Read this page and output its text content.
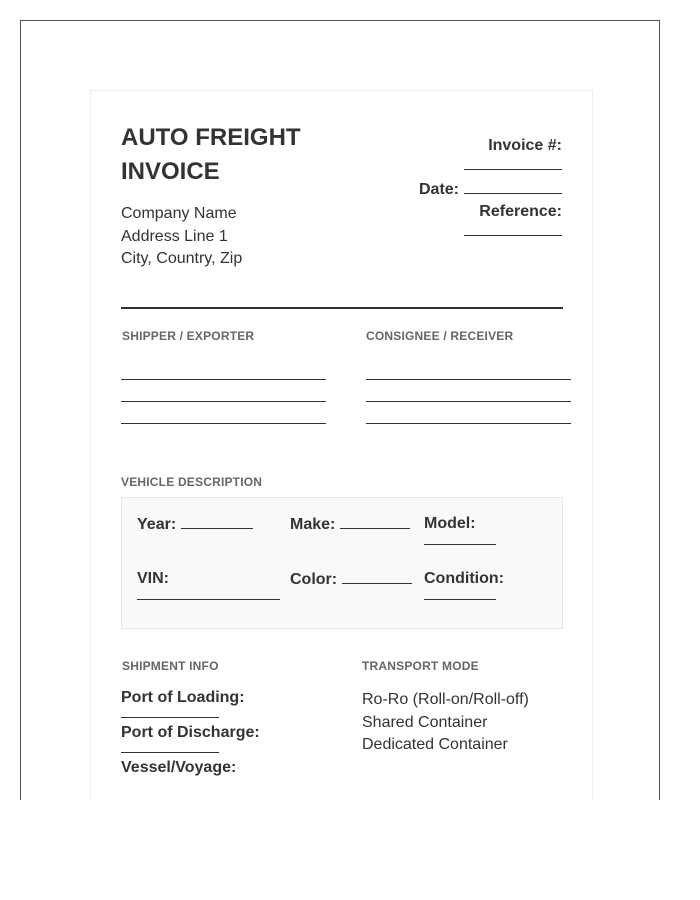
AUTO FREIGHT INVOICE
Company Name
Address Line 1
City, Country, Zip
Invoice #:
Date:
Reference:
SHIPPER / EXPORTER	CONSIGNEE / RECEIVER
VEHICLE DESCRIPTION
Year:	Make:	Model:
VIN:	Color:	Condition:
SHIPMENT INFO	TRANSPORT MODE
Port of Loading:
Port of Discharge:
Vessel/Voyage:
Ro-Ro (Roll-on/Roll-off)
Shared Container
Dedicated Container
